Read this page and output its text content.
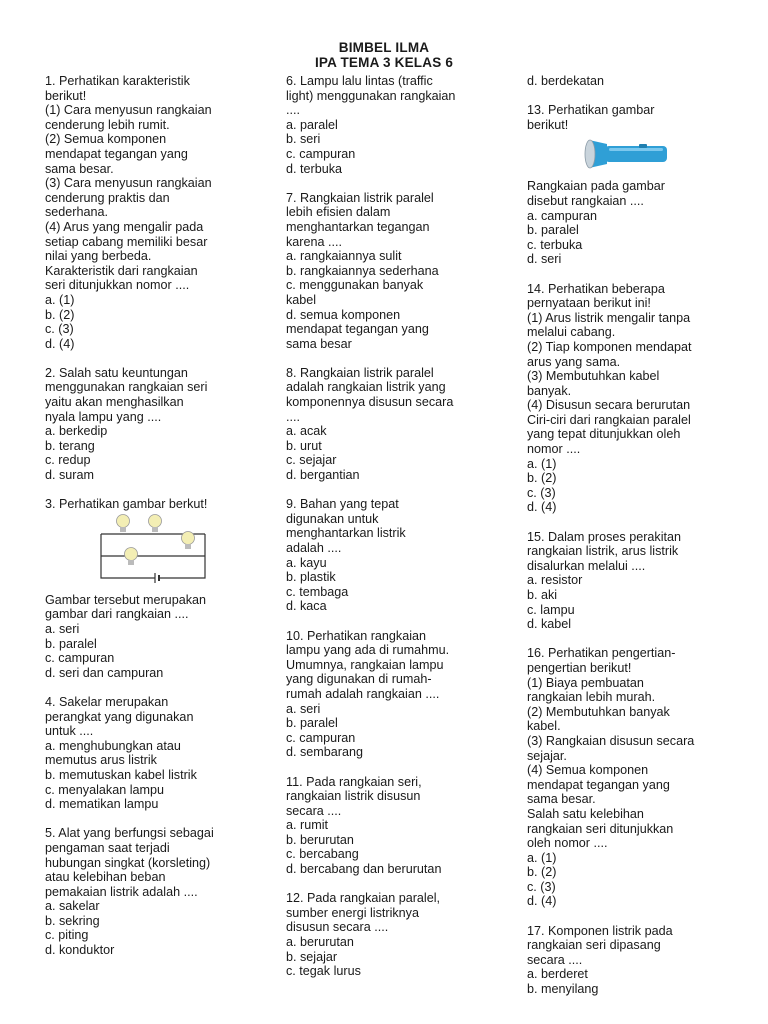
BIMBEL ILMA
IPA TEMA 3 KELAS 6
1. Perhatikan karakteristik
berikut!
(1) Cara menyusun rangkaian
cenderung lebih rumit.
(2) Semua komponen
mendapat tegangan yang
sama besar.
(3) Cara menyusun rangkaian
cenderung praktis dan
sederhana.
(4) Arus yang mengalir pada
setiap cabang memiliki besar
nilai yang berbeda.
Karakteristik dari rangkaian
seri ditunjukkan nomor ....
a. (1)
b. (2)
c. (3)
d. (4)
2. Salah satu keuntungan
menggunakan rangkaian seri
yaitu akan menghasilkan
nyala lampu yang ....
a. berkedip
b. terang
c. redup
d. suram
3. Perhatikan gambar berkut!
Gambar tersebut merupakan
gambar dari rangkaian ....
a. seri
b. paralel
c. campuran
d. seri dan campuran
4. Sakelar merupakan
perangkat yang digunakan
untuk ....
a. menghubungkan atau
memutus arus listrik
b. memutuskan kabel listrik
c. menyalakan lampu
d. mematikan lampu
5. Alat yang berfungsi sebagai
pengaman saat terjadi
hubungan singkat (korsleting)
atau kelebihan beban
pemakaian listrik adalah ....
a. sakelar
b. sekring
c. piting
d. konduktor
6. Lampu lalu lintas (traffic
light) menggunakan rangkaian
....
a. paralel
b. seri
c. campuran
d. terbuka
7. Rangkaian listrik paralel
lebih efisien dalam
menghantarkan tegangan
karena ....
a. rangkaiannya sulit
b. rangkaiannya sederhana
c. menggunakan banyak
kabel
d. semua komponen
mendapat tegangan yang
sama besar
8. Rangkaian listrik paralel
adalah rangkaian listrik yang
komponennya disusun secara
....
a. acak
b. urut
c. sejajar
d. bergantian
9. Bahan yang tepat
digunakan untuk
menghantarkan listrik
adalah ....
a. kayu
b. plastik
c. tembaga
d. kaca
10. Perhatikan rangkaian
lampu yang ada di rumahmu.
Umumnya, rangkaian lampu
yang digunakan di rumah-
rumah adalah rangkaian ....
a. seri
b. paralel
c. campuran
d. sembarang
11. Pada rangkaian seri,
rangkaian listrik disusun
secara ....
a. rumit
b. berurutan
c. bercabang
d. bercabang dan berurutan
12. Pada rangkaian paralel,
sumber energi listriknya
disusun secara ....
a. berurutan
b. sejajar
c. tegak lurus
d. berdekatan
13. Perhatikan gambar
berikut!
Rangkaian pada gambar
disebut rangkaian ....
a. campuran
b. paralel
c. terbuka
d. seri
14. Perhatikan beberapa
pernyataan berikut ini!
(1) Arus listrik mengalir tanpa
melalui cabang.
(2) Tiap komponen mendapat
arus yang sama.
(3) Membutuhkan kabel
banyak.
(4) Disusun secara berurutan
Ciri-ciri dari rangkaian paralel
yang tepat ditunjukkan oleh
nomor ....
a. (1)
b. (2)
c. (3)
d. (4)
15. Dalam proses perakitan
rangkaian listrik, arus listrik
disalurkan melalui ....
a. resistor
b. aki
c. lampu
d. kabel
16. Perhatikan pengertian-
pengertian berikut!
(1) Biaya pembuatan
rangkaian lebih murah.
(2) Membutuhkan banyak
kabel.
(3) Rangkaian disusun secara
sejajar.
(4) Semua komponen
mendapat tegangan yang
sama besar.
Salah satu kelebihan
rangkaian seri ditunjukkan
oleh nomor ....
a. (1)
b. (2)
c. (3)
d. (4)
17. Komponen listrik pada
rangkaian seri dipasang
secara ....
a. berderet
b. menyilang
